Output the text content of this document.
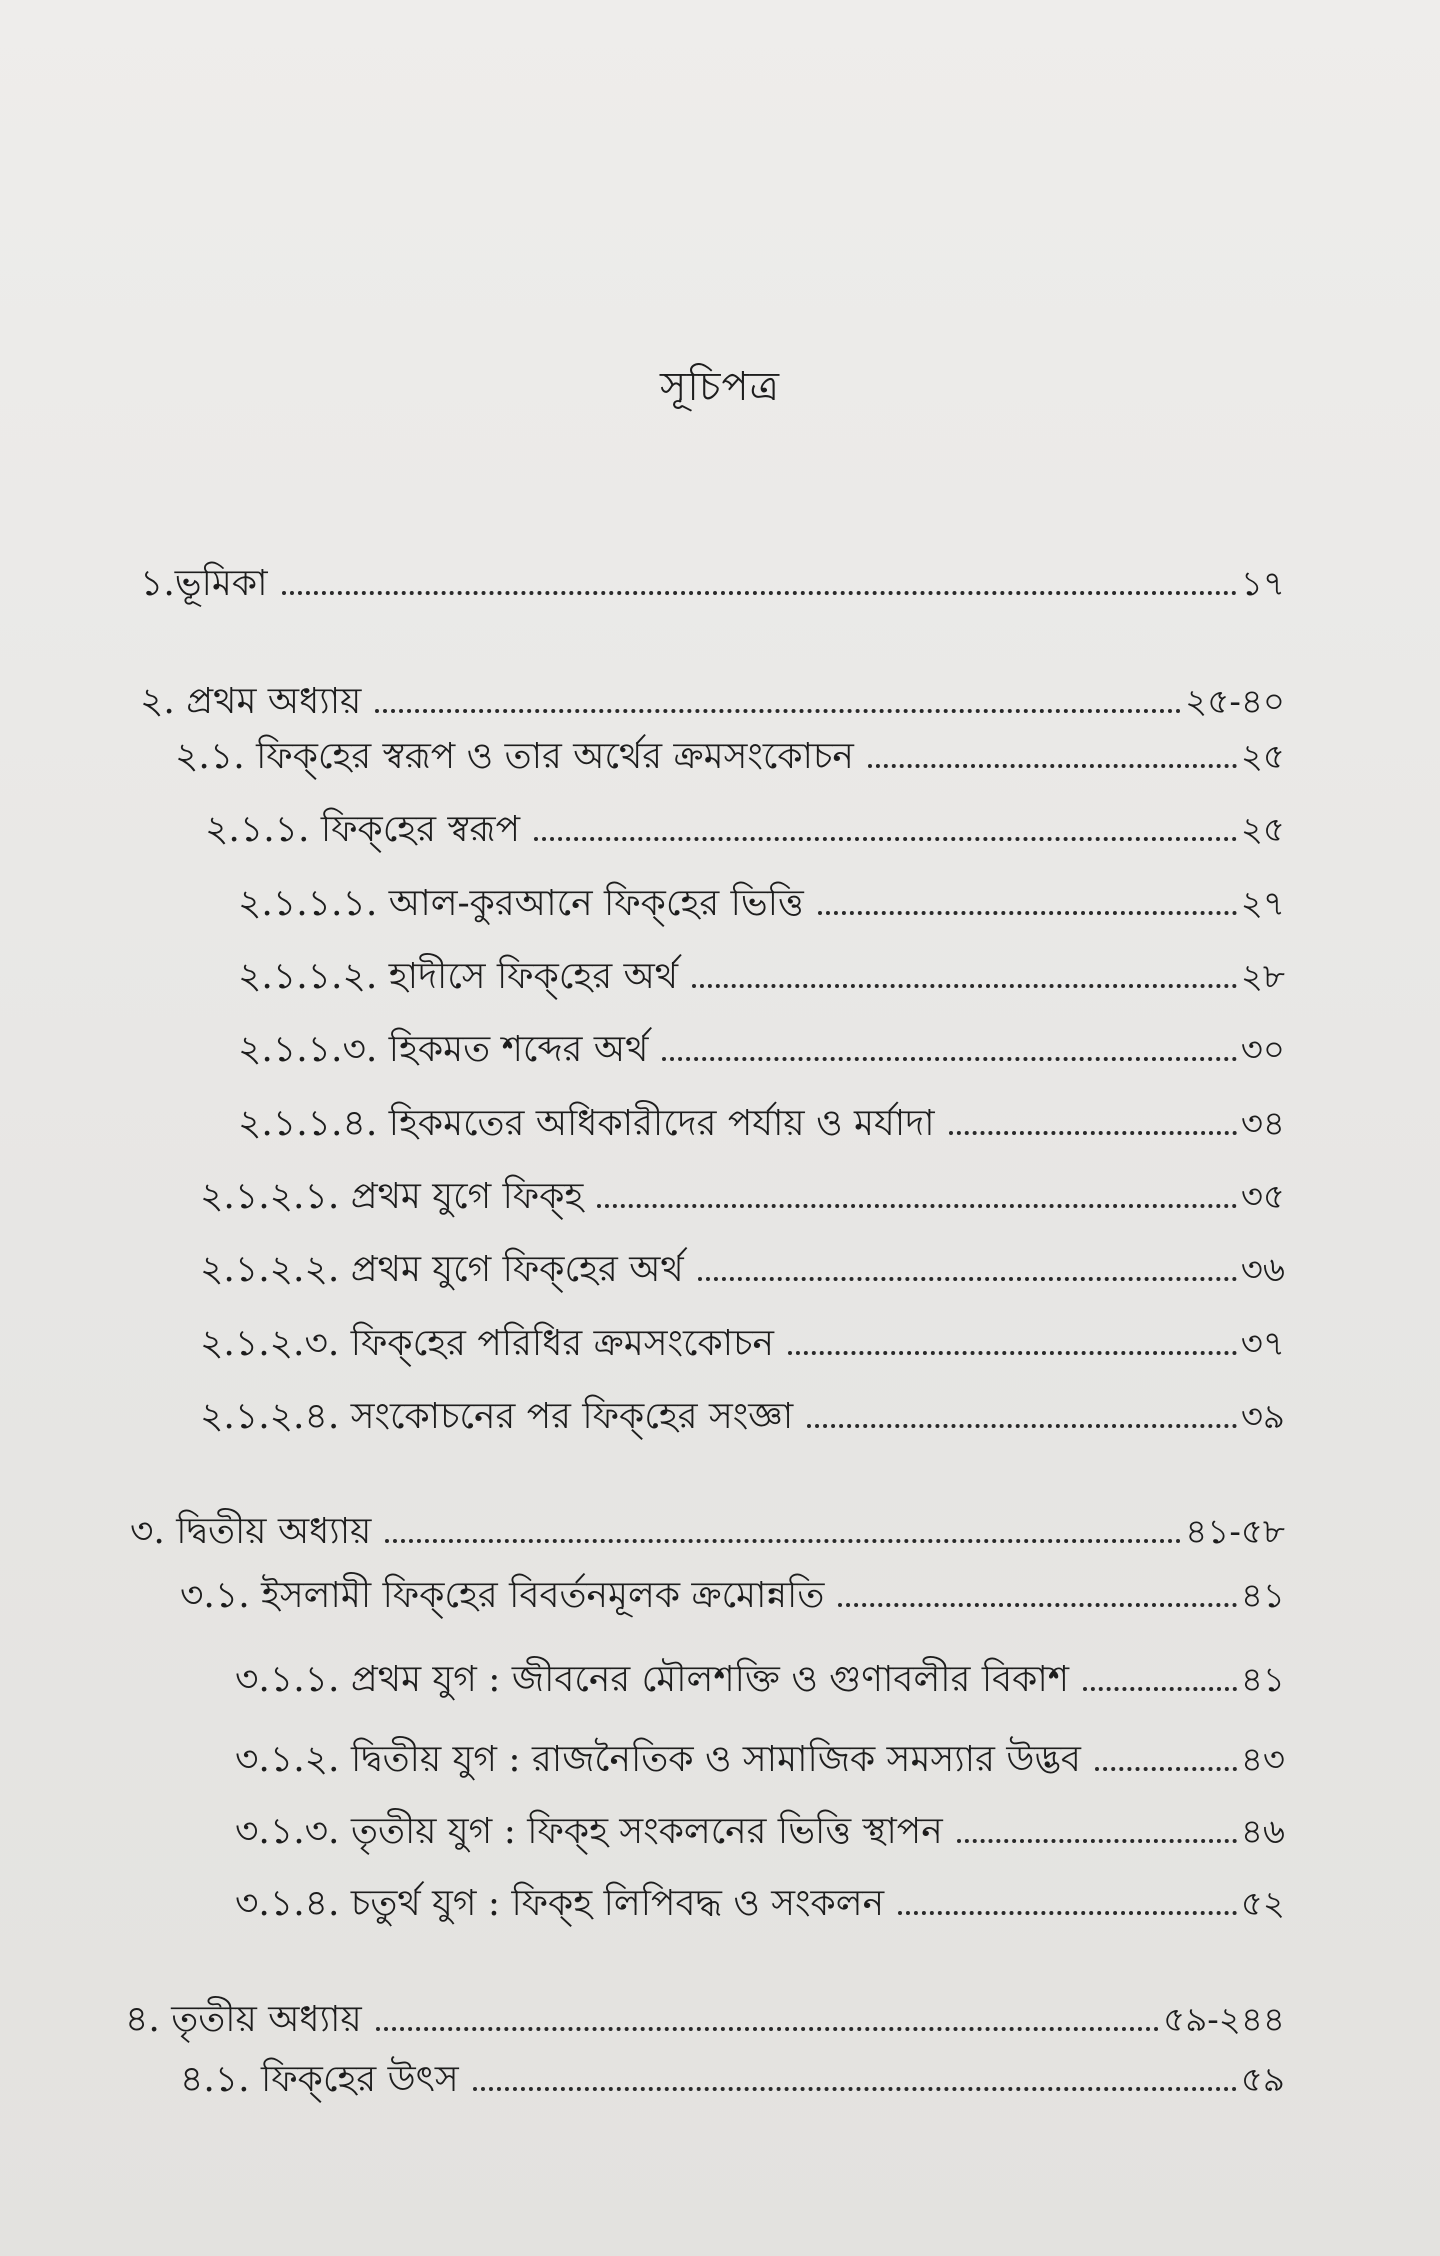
সূচিপত্র
১.ভূমিকা	১৭
২. প্রথম অধ্যায়	২৫-৪০
২.১. ফিক্‌হের স্বরূপ ও তার অর্থের ক্রমসংকোচন	২৫
২.১.১. ফিক্‌হের স্বরূপ	২৫
২.১.১.১. আল-কুরআনে ফিক্‌হের ভিত্তি	২৭
২.১.১.২. হাদীসে ফিক্‌হের অর্থ	২৮
২.১.১.৩. হিকমত শব্দের অর্থ	৩০
২.১.১.৪. হিকমতের অধিকারীদের পর্যায় ও মর্যাদা	৩৪
২.১.২.১. প্রথম যুগে ফিক্‌হ	৩৫
২.১.২.২. প্রথম যুগে ফিক্‌হের অর্থ	৩৬
২.১.২.৩. ফিক্‌হের পরিধির ক্রমসংকোচন	৩৭
২.১.২.৪. সংকোচনের পর ফিক্‌হের সংজ্ঞা	৩৯
৩. দ্বিতীয় অধ্যায়	৪১-৫৮
৩.১. ইসলামী ফিক্‌হের বিবর্তনমূলক ক্রমোন্নতি	৪১
৩.১.১. প্রথম যুগ : জীবনের মৌলশক্তি ও গুণাবলীর বিকাশ	৪১
৩.১.২. দ্বিতীয় যুগ : রাজনৈতিক ও সামাজিক সমস্যার উদ্ভব	৪৩
৩.১.৩. তৃতীয় যুগ : ফিক্‌হ সংকলনের ভিত্তি স্থাপন	৪৬
৩.১.৪. চতুর্থ যুগ : ফিক্‌হ লিপিবদ্ধ ও সংকলন	৫২
৪. তৃতীয় অধ্যায়	৫৯-২৪৪
৪.১. ফিক্‌হের উৎস	৫৯
